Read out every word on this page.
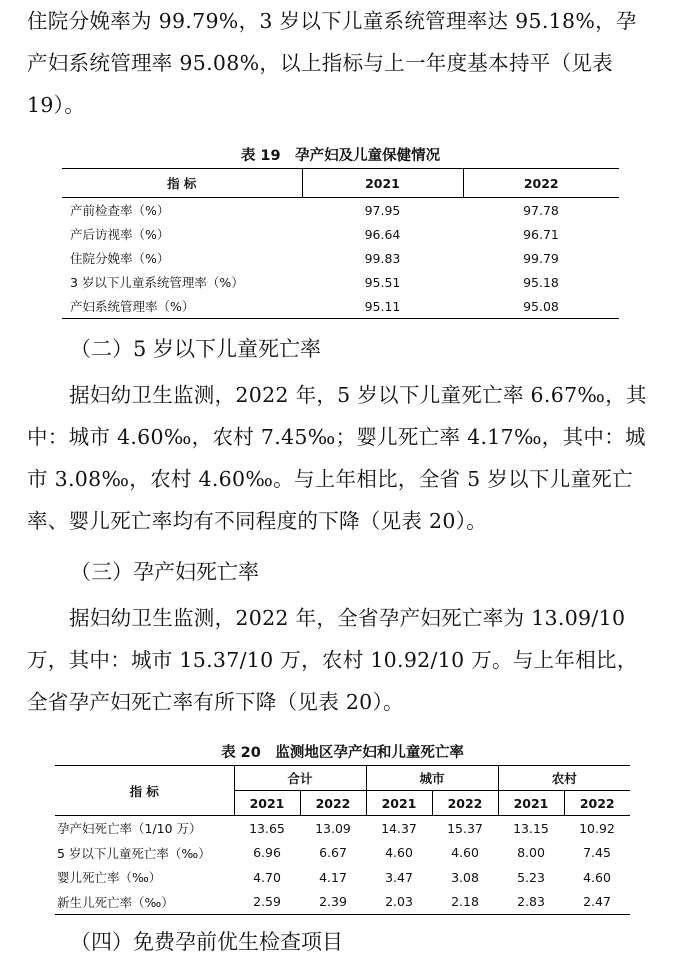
住院分娩率为 99.79%，3 岁以下儿童系统管理率达 95.18%，孕产妇系统管理率 95.08%，以上指标与上一年度基本持平（见表19）。

表 19　孕产妇及儿童保健情况

指 标	2021	2022
产前检查率（%）	97.95	97.78
产后访视率（%）	96.64	96.71
住院分娩率（%）	99.83	99.79
3 岁以下儿童系统管理率（%）	95.51	95.18
产妇系统管理率（%）	95.11	95.08

（二）5 岁以下儿童死亡率

据妇幼卫生监测，2022 年，5 岁以下儿童死亡率 6.67‰，其中：城市 4.60‰，农村 7.45‰；婴儿死亡率 4.17‰，其中：城市 3.08‰，农村 4.60‰。与上年相比，全省 5 岁以下儿童死亡率、婴儿死亡率均有不同程度的下降（见表 20）。

（三）孕产妇死亡率

据妇幼卫生监测，2022 年，全省孕产妇死亡率为 13.09/10万，其中：城市 15.37/10 万，农村 10.92/10 万。与上年相比，全省孕产妇死亡率有所下降（见表 20）。

表 20　监测地区孕产妇和儿童死亡率

指 标	合计		城市		农村	
	2021	2022	2021	2022	2021	2022
孕产妇死亡率（1/10 万）	13.65	13.09	14.37	15.37	13.15	10.92
5 岁以下儿童死亡率（‰）	6.96	6.67	4.60	4.60	8.00	7.45
婴儿死亡率（‰）	4.70	4.17	3.47	3.08	5.23	4.60
新生儿死亡率（‰）	2.59	2.39	2.03	2.18	2.83	2.47

（四）免费孕前优生检查项目
